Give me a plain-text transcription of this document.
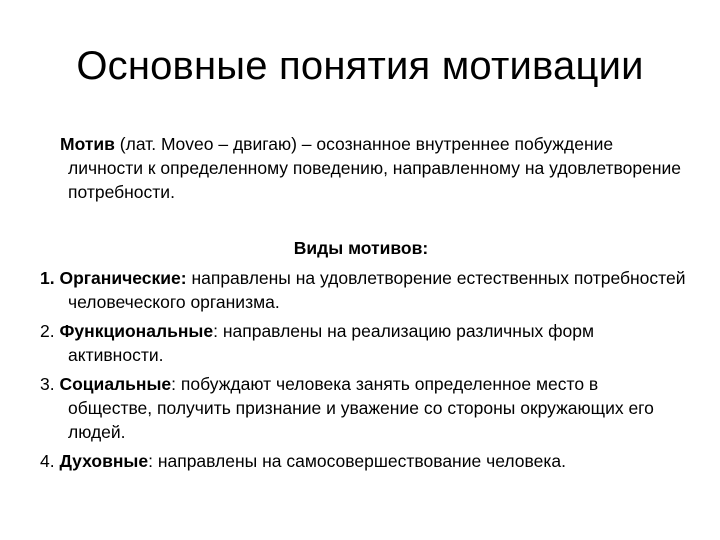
Основные понятия мотивации

Мотив (лат. Moveo – двигаю) – осознанное внутреннее побуждение личности к определенному поведению, направленному на удовлетворение потребности.

Виды мотивов:
1. Органические: направлены на удовлетворение естественных потребностей человеческого организма.
2. Функциональные: направлены на реализацию различных форм активности.
3. Социальные: побуждают человека занять определенное место в обществе, получить признание и уважение со стороны окружающих его людей.
4. Духовные: направлены на самосовершествование человека.
